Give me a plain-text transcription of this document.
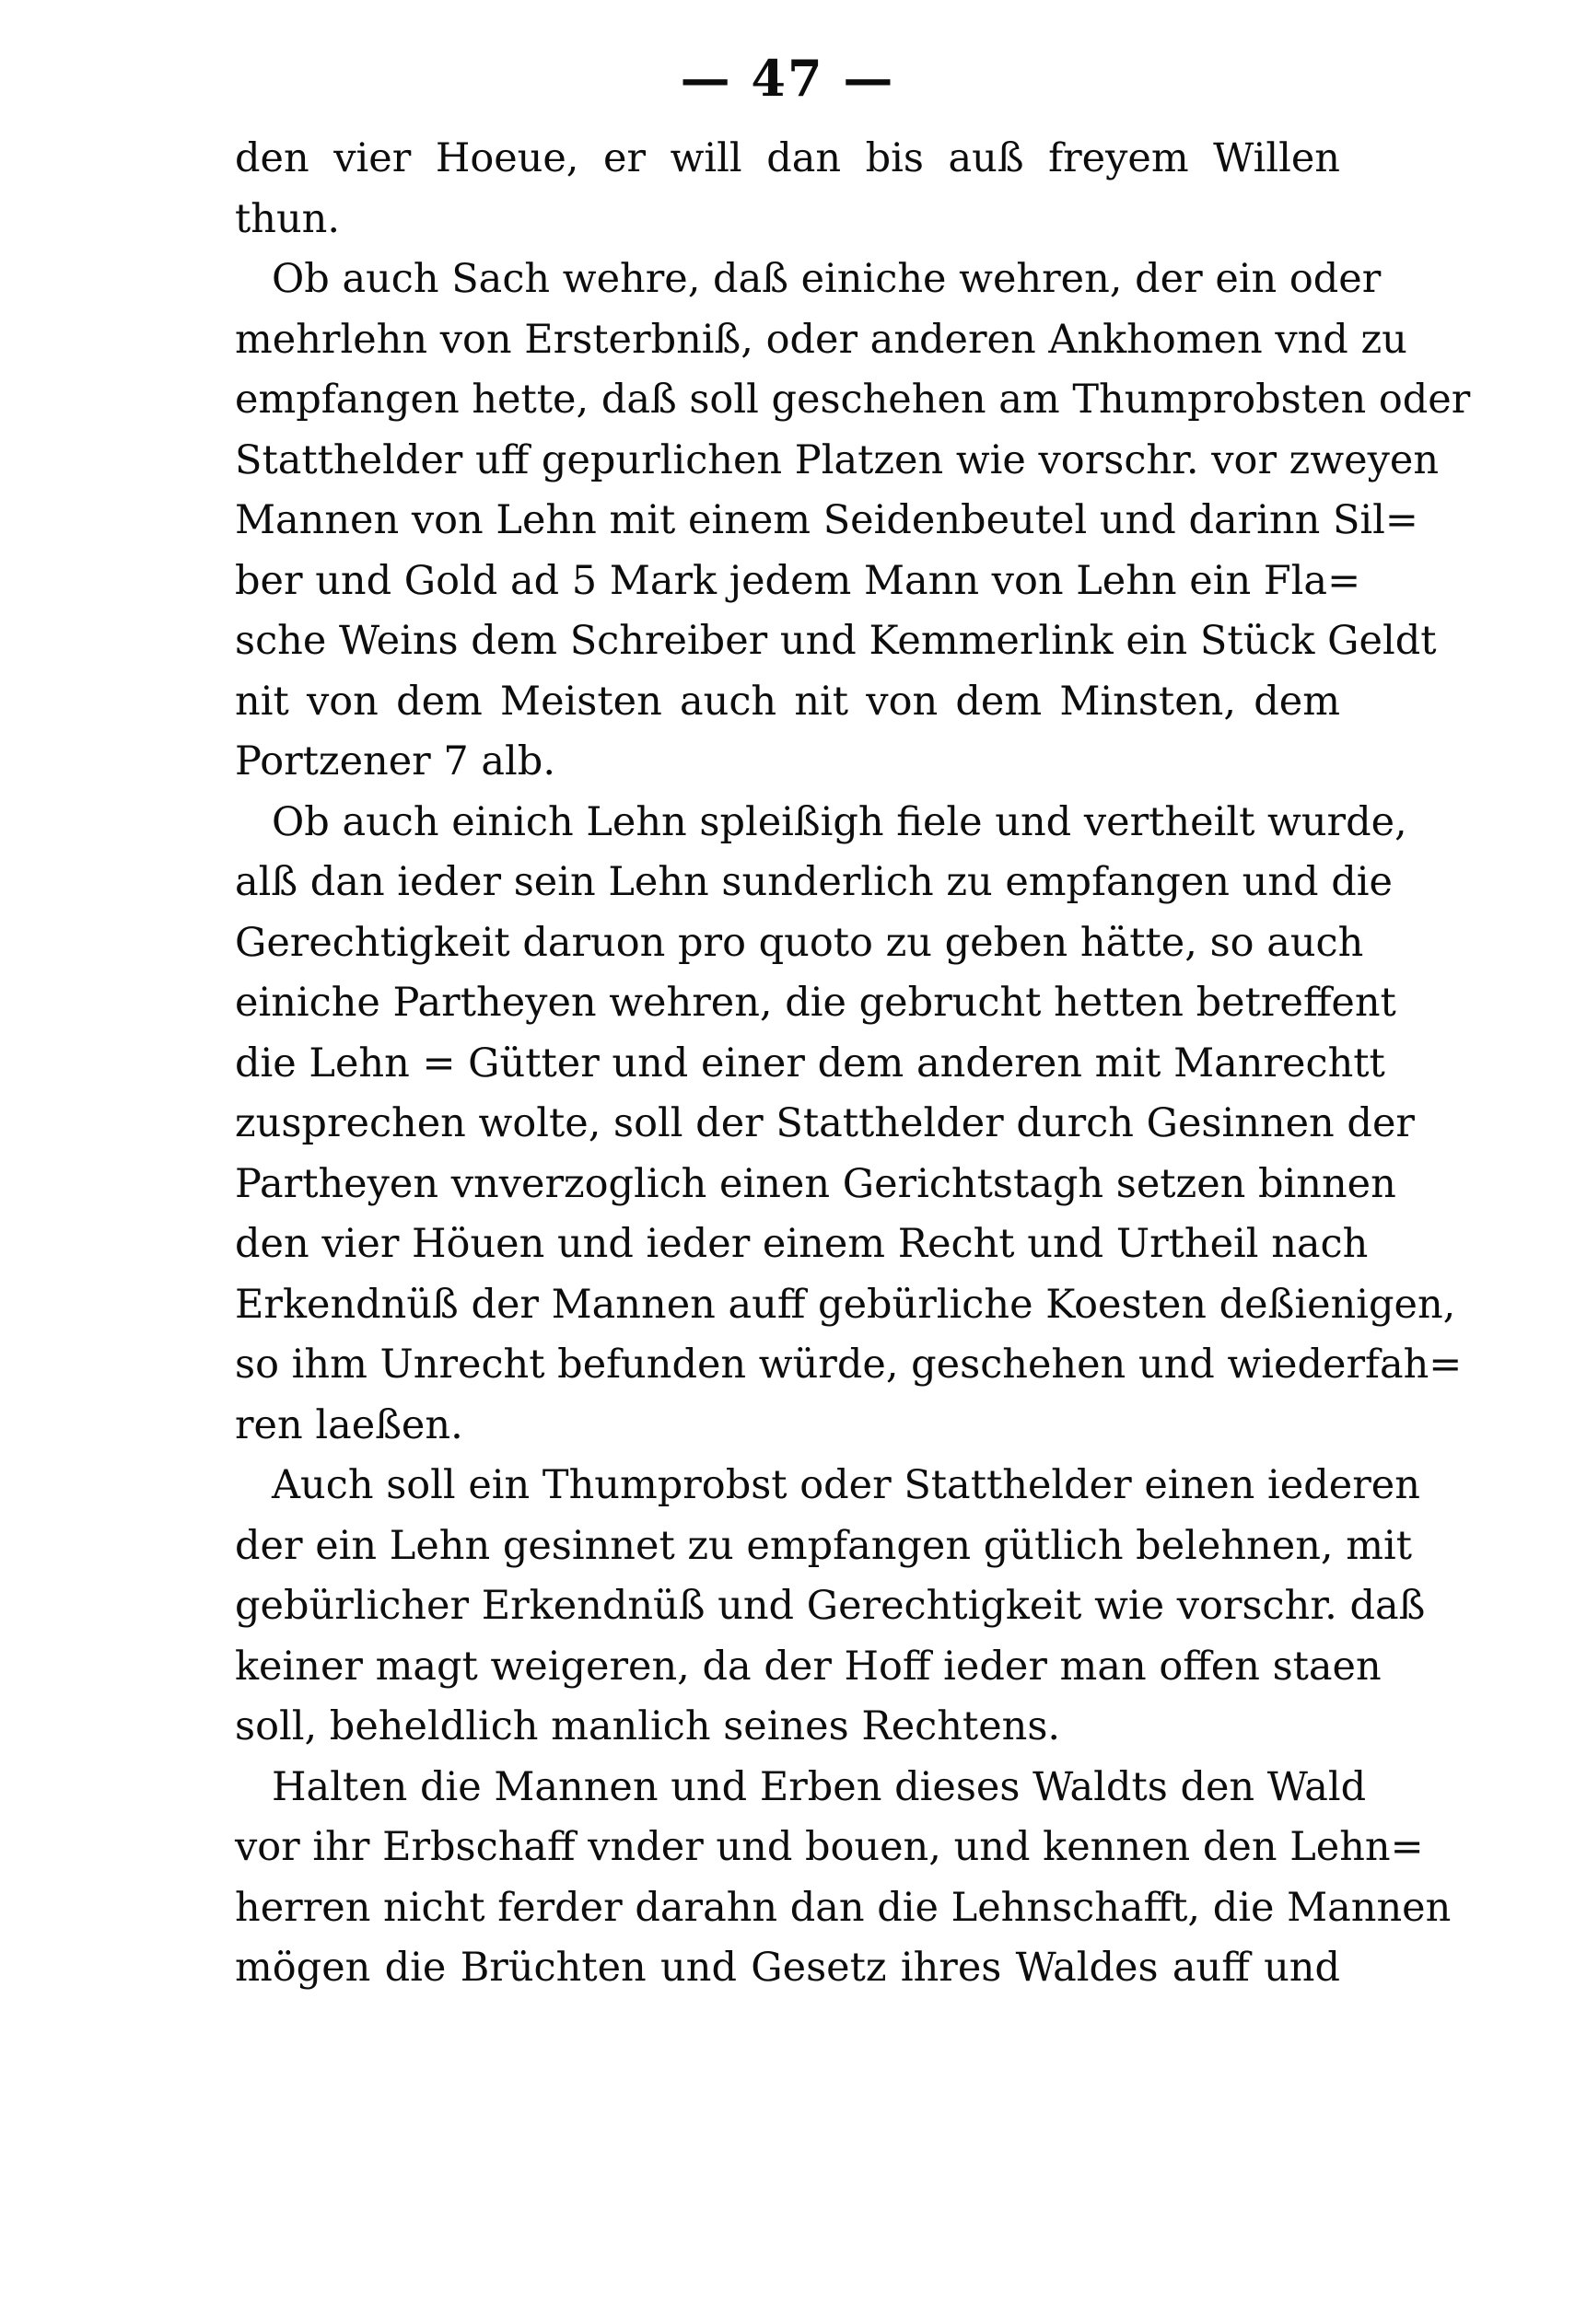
— 47 —
den vier Hoeue, er will dan bis auß freyem Willen
thun.
Ob auch Sach wehre, daß einiche wehren, der ein oder
mehrlehn von Ersterbniß, oder anderen Ankhomen vnd zu
empfangen hette, daß soll geschehen am Thumprobsten oder
Statthelder uff gepurlichen Platzen wie vorschr. vor zweyen
Mannen von Lehn mit einem Seidenbeutel und darinn Sil=
ber und Gold ad 5 Mark jedem Mann von Lehn ein Fla=
sche Weins dem Schreiber und Kemmerlink ein Stück Geldt
nit von dem Meisten auch nit von dem Minsten, dem
Portzener 7 alb.
Ob auch einich Lehn spleißigh fiele und vertheilt wurde,
alß dan ieder sein Lehn sunderlich zu empfangen und die
Gerechtigkeit daruon pro quoto zu geben hätte, so auch
einiche Partheyen wehren, die gebrucht hetten betreffent
die Lehn = Gütter und einer dem anderen mit Manrechtt
zusprechen wolte, soll der Statthelder durch Gesinnen der
Partheyen vnverzoglich einen Gerichtstagh setzen binnen
den vier Höuen und ieder einem Recht und Urtheil nach
Erkendnüß der Mannen auff gebürliche Koesten deßienigen,
so ihm Unrecht befunden würde, geschehen und wiederfah=
ren laeßen.
Auch soll ein Thumprobst oder Statthelder einen iederen
der ein Lehn gesinnet zu empfangen gütlich belehnen, mit
gebürlicher Erkendnüß und Gerechtigkeit wie vorschr. daß
keiner magt weigeren, da der Hoff ieder man offen staen
soll, beheldlich manlich seines Rechtens.
Halten die Mannen und Erben dieses Waldts den Wald
vor ihr Erbschaff vnder und bouen, und kennen den Lehn=
herren nicht ferder darahn dan die Lehnschafft, die Mannen
mögen die Brüchten und Gesetz ihres Waldes auff und
